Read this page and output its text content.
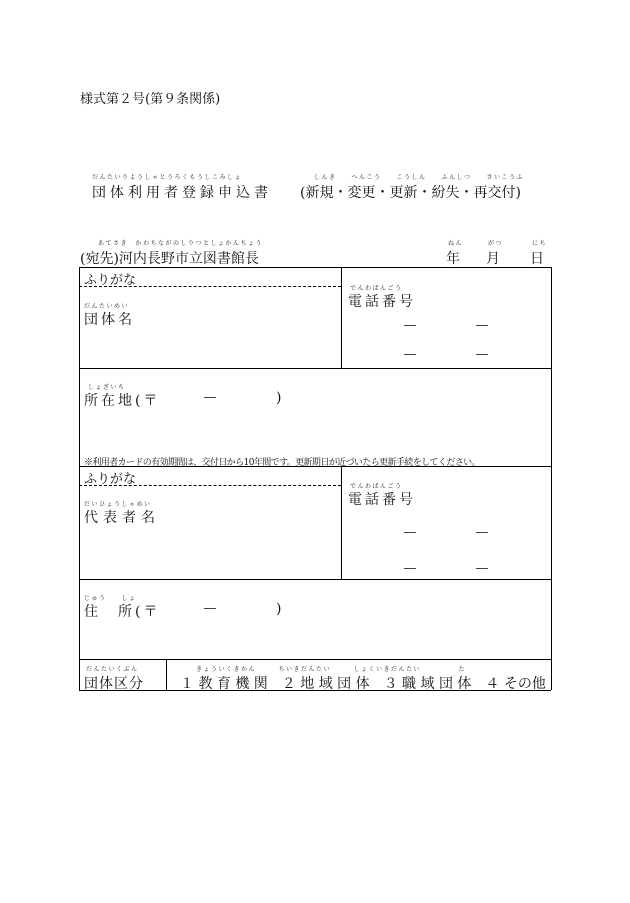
様式第２号(第９条関係)
だんたいりようしゃとうろくもうしこみしょ
団体利用者登録申込書
しんき　　へんこう　　こうしん　　ふんしつ　　さいこうふ
(新規・変更・更新・紛失・再交付)
あてさき　かわちながのしりつとしょかんちょう
(宛先)河内長野市立図書館長
ねん
年
がつ
月
にち
日
ふりがな
だんたいめい
団体名
でんわばんごう
電話番号
―	―
―	―
しょざいち
所在地(〒	―	)
※利用者カードの有効期間は、交付日から10年間です。更新期日が近づいたら更新手続をしてください。
ふりがな
だいひょうしゃめい
代表者名
でんわばんごう
電話番号
―	―
―	―
じゅう　　しょ
住　所(〒	―	)
だんたいくぶん
団体区分
きょういくきかん　　　ちいきだんたい　　　しょくいきだんたい　　　　　た
１ 教 育 機 関　２ 地 域 団 体　３ 職 域 団 体　４ その他
